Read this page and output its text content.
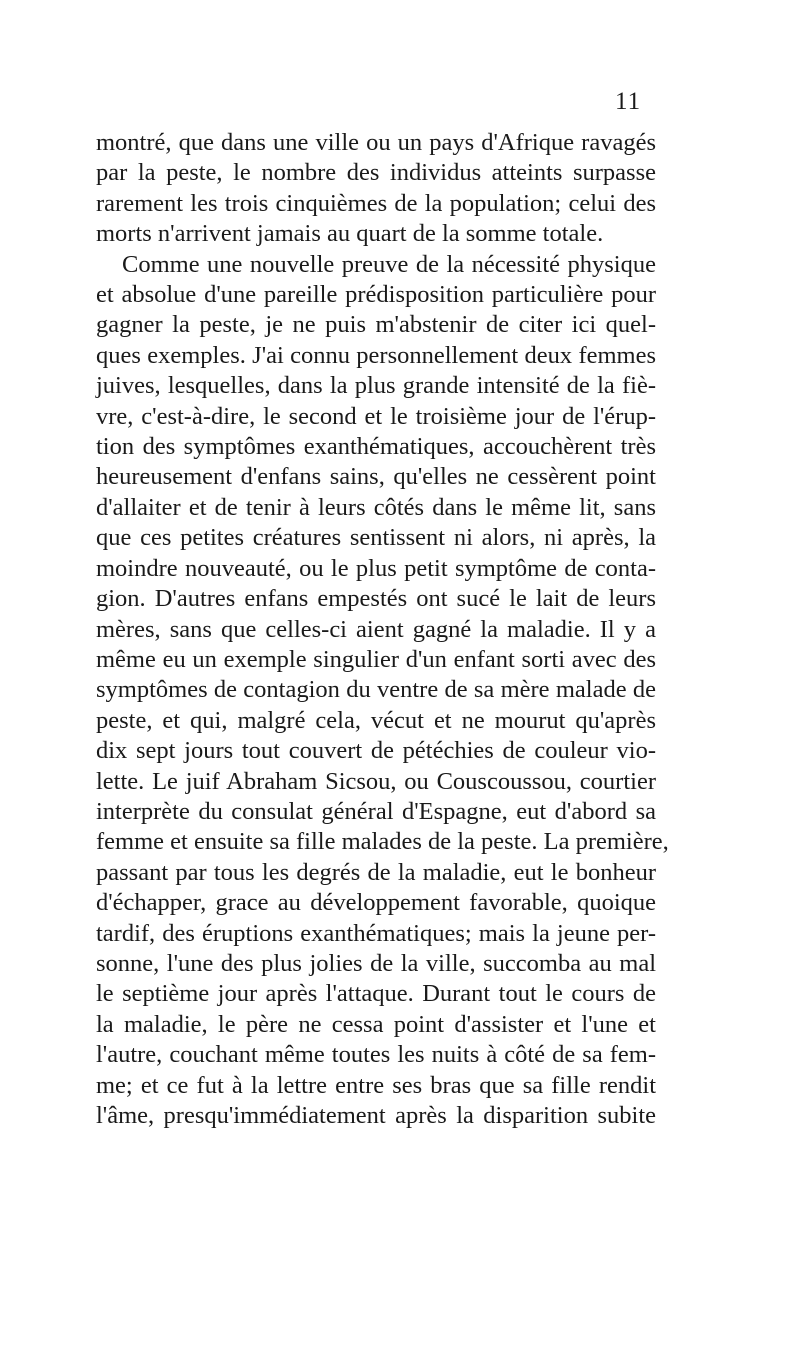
11
montré, que dans une ville ou un pays d'Afrique ravagés
par la peste, le nombre des individus atteints surpasse
rarement les trois cinquièmes de la population; celui des
morts n'arrivent jamais au quart de la somme totale.
Comme une nouvelle preuve de la nécessité physique
et absolue d'une pareille prédisposition particulière pour
gagner la peste, je ne puis m'abstenir de citer ici quel-
ques exemples. J'ai connu personnellement deux femmes
juives, lesquelles, dans la plus grande intensité de la fiè-
vre, c'est-à-dire, le second et le troisième jour de l'érup-
tion des symptômes exanthématiques, accouchèrent très
heureusement d'enfans sains, qu'elles ne cessèrent point
d'allaiter et de tenir à leurs côtés dans le même lit, sans
que ces petites créatures sentissent ni alors, ni après, la
moindre nouveauté, ou le plus petit symptôme de conta-
gion. D'autres enfans empestés ont sucé le lait de leurs
mères, sans que celles-ci aient gagné la maladie. Il y a
même eu un exemple singulier d'un enfant sorti avec des
symptômes de contagion du ventre de sa mère malade de
peste, et qui, malgré cela, vécut et ne mourut qu'après
dix sept jours tout couvert de pétéchies de couleur vio-
lette. Le juif Abraham Sicsou, ou Couscoussou, courtier
interprète du consulat général d'Espagne, eut d'abord sa
femme et ensuite sa fille malades de la peste. La première,
passant par tous les degrés de la maladie, eut le bonheur
d'échapper, grace au développement favorable, quoique
tardif, des éruptions exanthématiques; mais la jeune per-
sonne, l'une des plus jolies de la ville, succomba au mal
le septième jour après l'attaque. Durant tout le cours de
la maladie, le père ne cessa point d'assister et l'une et
l'autre, couchant même toutes les nuits à côté de sa fem-
me; et ce fut à la lettre entre ses bras que sa fille rendit
l'âme, presqu'immédiatement après la disparition subite
